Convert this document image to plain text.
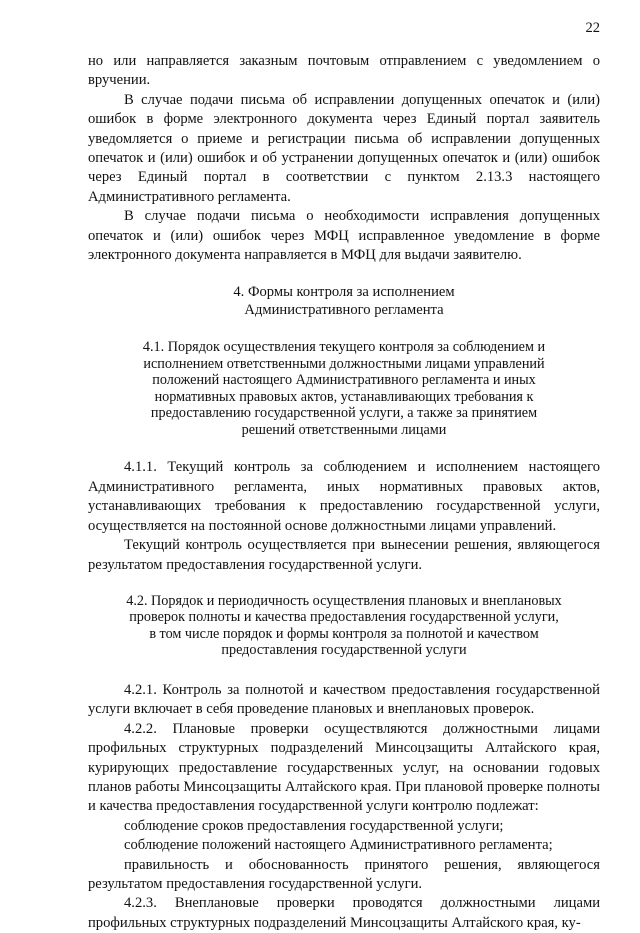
22

но или направляется заказным почтовым отправлением с уведомлением о вручении.

В случае подачи письма об исправлении допущенных опечаток и (или) ошибок в форме электронного документа через Единый портал заявитель уведомляется о приеме и регистрации письма об исправлении допущенных опечаток и (или) ошибок и об устранении допущенных опечаток и (или) ошибок через Единый портал в соответствии с пунктом 2.13.3 настоящего Административного регламента.

В случае подачи письма о необходимости исправления допущенных опечаток и (или) ошибок через МФЦ исправленное уведомление в форме электронного документа направляется в МФЦ для выдачи заявителю.

4. Формы контроля за исполнением Административного регламента

4.1. Порядок осуществления текущего контроля за соблюдением и исполнением ответственными должностными лицами управлений положений настоящего Административного регламента и иных нормативных правовых актов, устанавливающих требования к предоставлению государственной услуги, а также за принятием решений ответственными лицами

4.1.1. Текущий контроль за соблюдением и исполнением настоящего Административного регламента, иных нормативных правовых актов, устанавливающих требования к предоставлению государственной услуги, осуществляется на постоянной основе должностными лицами управлений.

Текущий контроль осуществляется при вынесении решения, являющегося результатом предоставления государственной услуги.

4.2. Порядок и периодичность осуществления плановых и внеплановых проверок полноты и качества предоставления государственной услуги, в том числе порядок и формы контроля за полнотой и качеством предоставления государственной услуги

4.2.1. Контроль за полнотой и качеством предоставления государственной услуги включает в себя проведение плановых и внеплановых проверок.

4.2.2. Плановые проверки осуществляются должностными лицами профильных структурных подразделений Минсоцзащиты Алтайского края, курирующих предоставление государственных услуг, на основании годовых планов работы Минсоцзащиты Алтайского края. При плановой проверке полноты и качества предоставления государственной услуги контролю подлежат:

соблюдение сроков предоставления государственной услуги;

соблюдение положений настоящего Административного регламента;

правильность и обоснованность принятого решения, являющегося результатом предоставления государственной услуги.

4.2.3. Внеплановые проверки проводятся должностными лицами профильных структурных подразделений Минсоцзащиты Алтайского края, ку-
